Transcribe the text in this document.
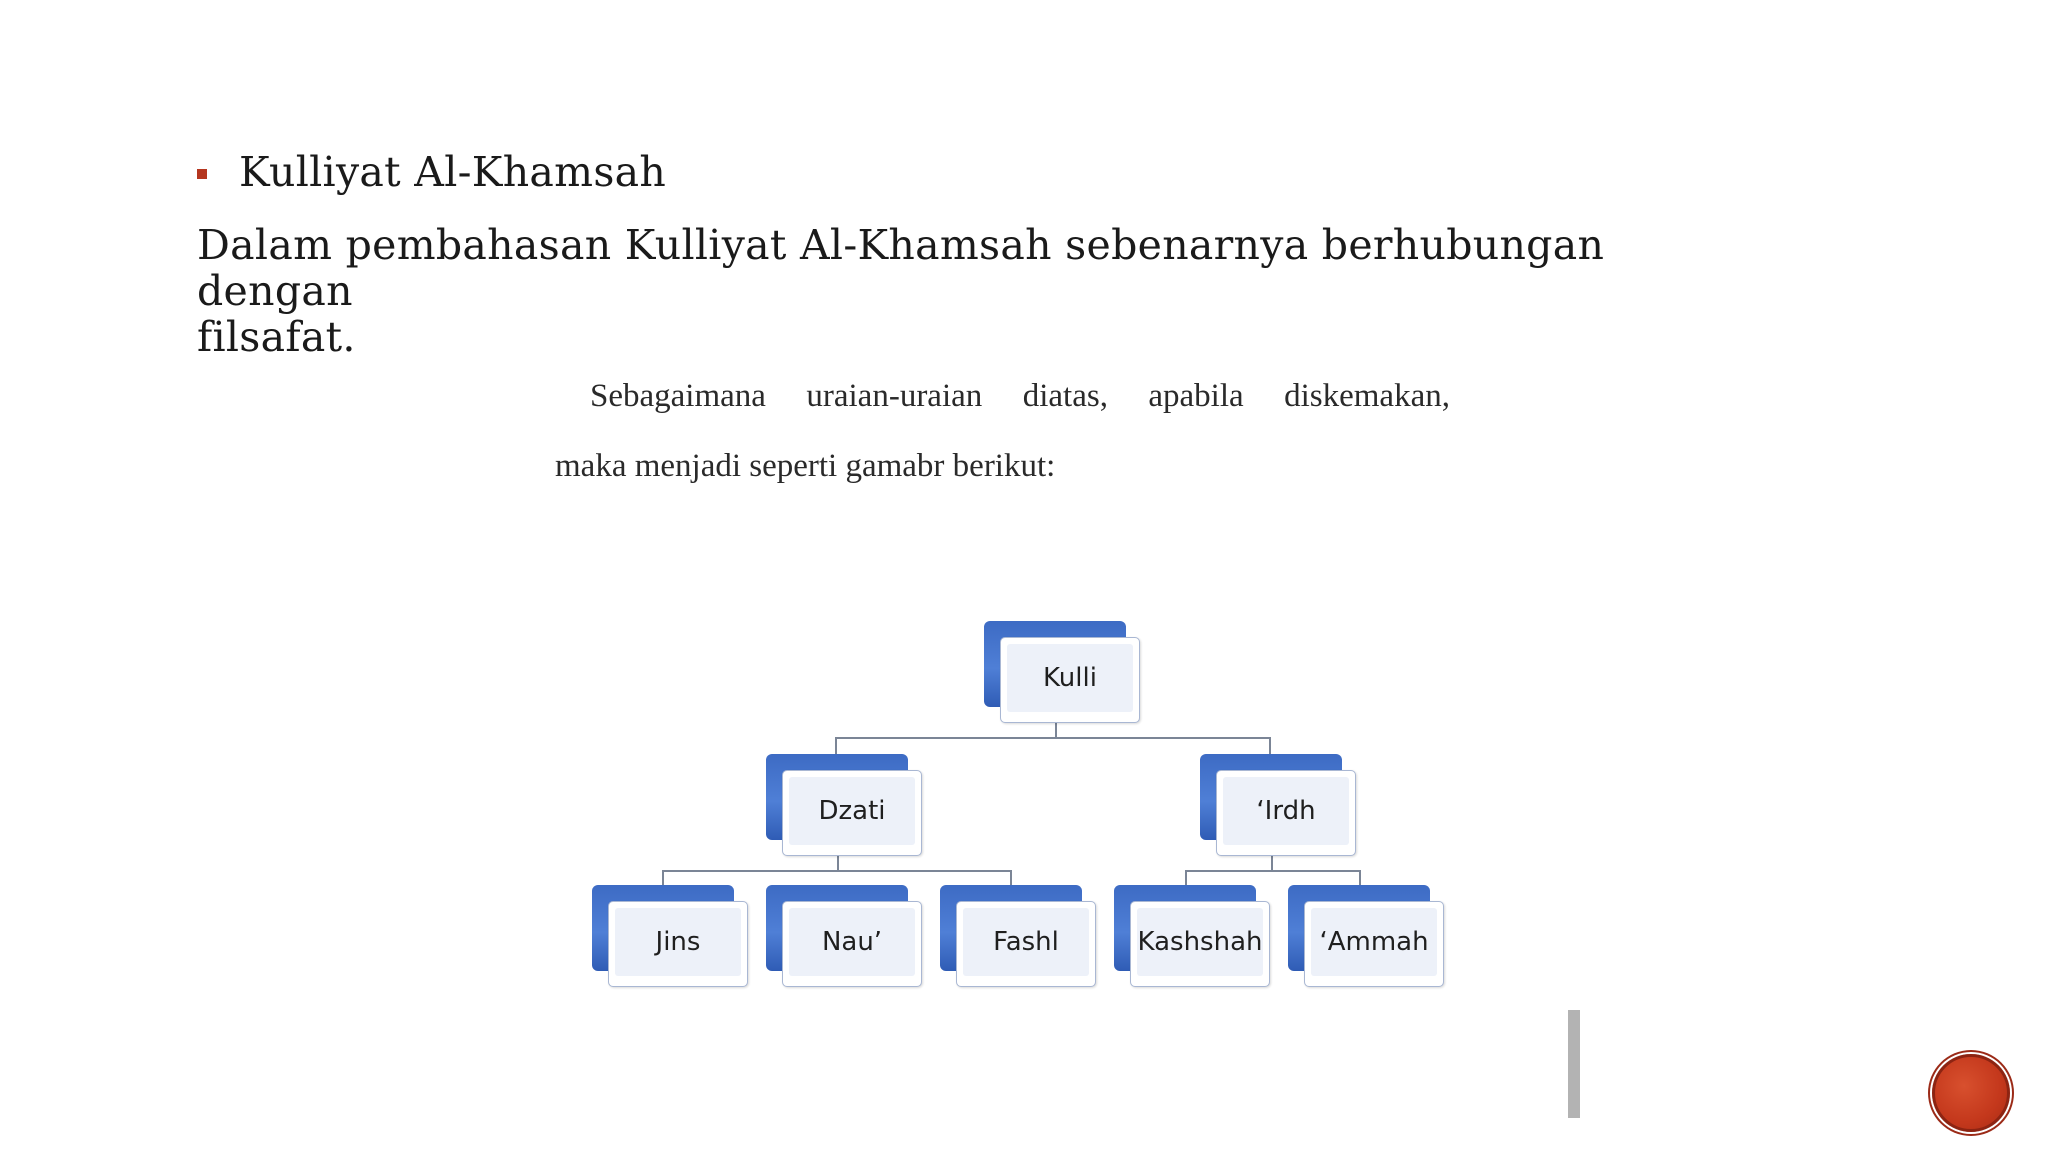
Kulliyat Al-Khamsah
Dalam pembahasan Kulliyat Al-Khamsah sebenarnya berhubungan dengan
filsafat.
Sebagaimana uraian-uraian diatas, apabila diskemakan,
maka menjadi seperti gamabr berikut:
Kulli
Dzati	‘Irdh
Jins	Nau’	Fashl	Kashshah	‘Ammah
